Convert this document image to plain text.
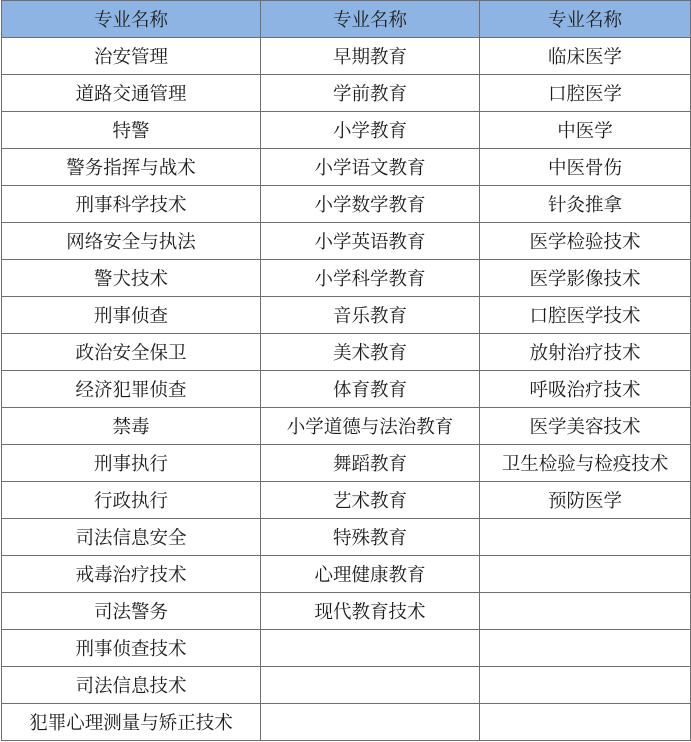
专业名称	专业名称	专业名称
治安管理	早期教育	临床医学
道路交通管理	学前教育	口腔医学
特警	小学教育	中医学
警务指挥与战术	小学语文教育	中医骨伤
刑事科学技术	小学数学教育	针灸推拿
网络安全与执法	小学英语教育	医学检验技术
警犬技术	小学科学教育	医学影像技术
刑事侦查	音乐教育	口腔医学技术
政治安全保卫	美术教育	放射治疗技术
经济犯罪侦查	体育教育	呼吸治疗技术
禁毒	小学道德与法治教育	医学美容技术
刑事执行	舞蹈教育	卫生检验与检疫技术
行政执行	艺术教育	预防医学
司法信息安全	特殊教育	
戒毒治疗技术	心理健康教育	
司法警务	现代教育技术	
刑事侦查技术		
司法信息技术		
犯罪心理测量与矫正技术		
